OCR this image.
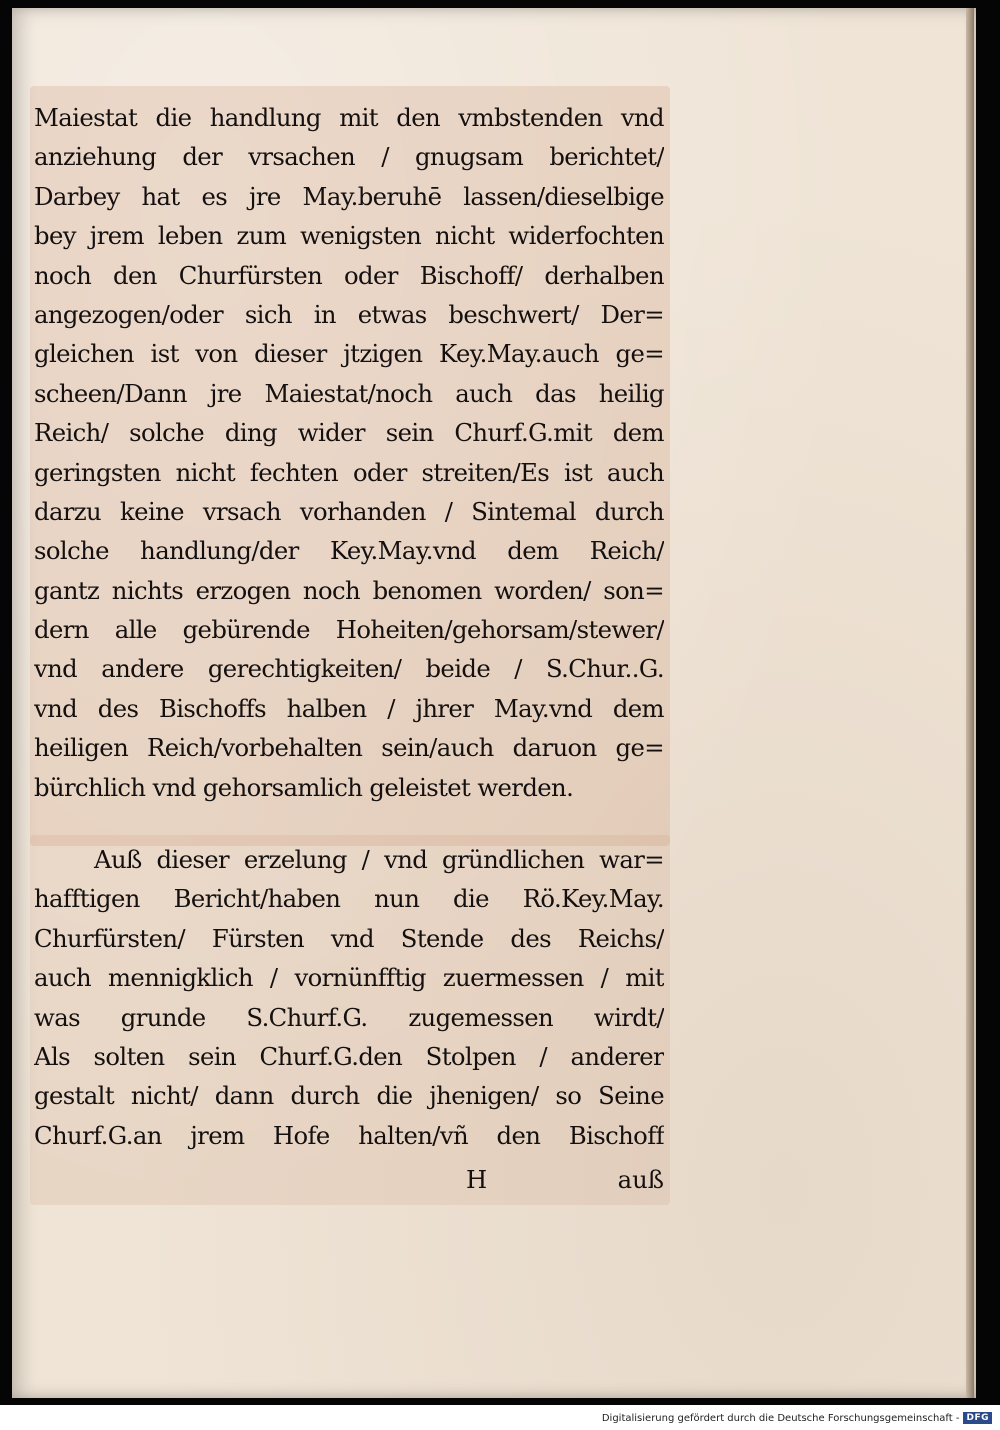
Maiestat die handlung mit den vmbstenden vnd
anziehung der vrsachen / gnugsam berichtet/
Darbey hat es jre May.beruhē lassen/dieselbige
bey jrem leben zum wenigsten nicht widerfochten
noch den Churfürsten oder Bischoff/ derhalben
angezogen/oder sich in etwas beschwert/ Der=
gleichen ist von dieser jtzigen Key.May.auch ge=
scheen/Dann jre Maiestat/noch auch das heilig
Reich/ solche ding wider sein Churf.G.mit dem
geringsten nicht fechten oder streiten/Es ist auch
darzu keine vrsach vorhanden / Sintemal durch
solche handlung/der Key.May.vnd dem Reich/
gantz nichts erzogen noch benomen worden/ son=
dern alle gebürende Hoheiten/gehorsam/stewer/
vnd andere gerechtigkeiten/ beide / S.Chur..G.
vnd des Bischoffs halben / jhrer May.vnd dem
heiligen Reich/vorbehalten sein/auch daruon ge=
bürchlich vnd gehorsamlich geleistet werden.
Auß dieser erzelung / vnd gründlichen war=
hafftigen Bericht/haben nun die Rö.Key.May.
Churfürsten/ Fürsten vnd Stende des Reichs/
auch mennigklich / vornünfftig zuermessen / mit
was grunde S.Churf.G. zugemessen wirdt/
Als solten sein Churf.G.den Stolpen / anderer
gestalt nicht/ dann durch die jhenigen/ so Seine
Churf.G.an jrem Hofe halten/vñ den Bischoff
H	auß
Digitalisierung gefördert durch die Deutsche Forschungsgemeinschaft - DFG
